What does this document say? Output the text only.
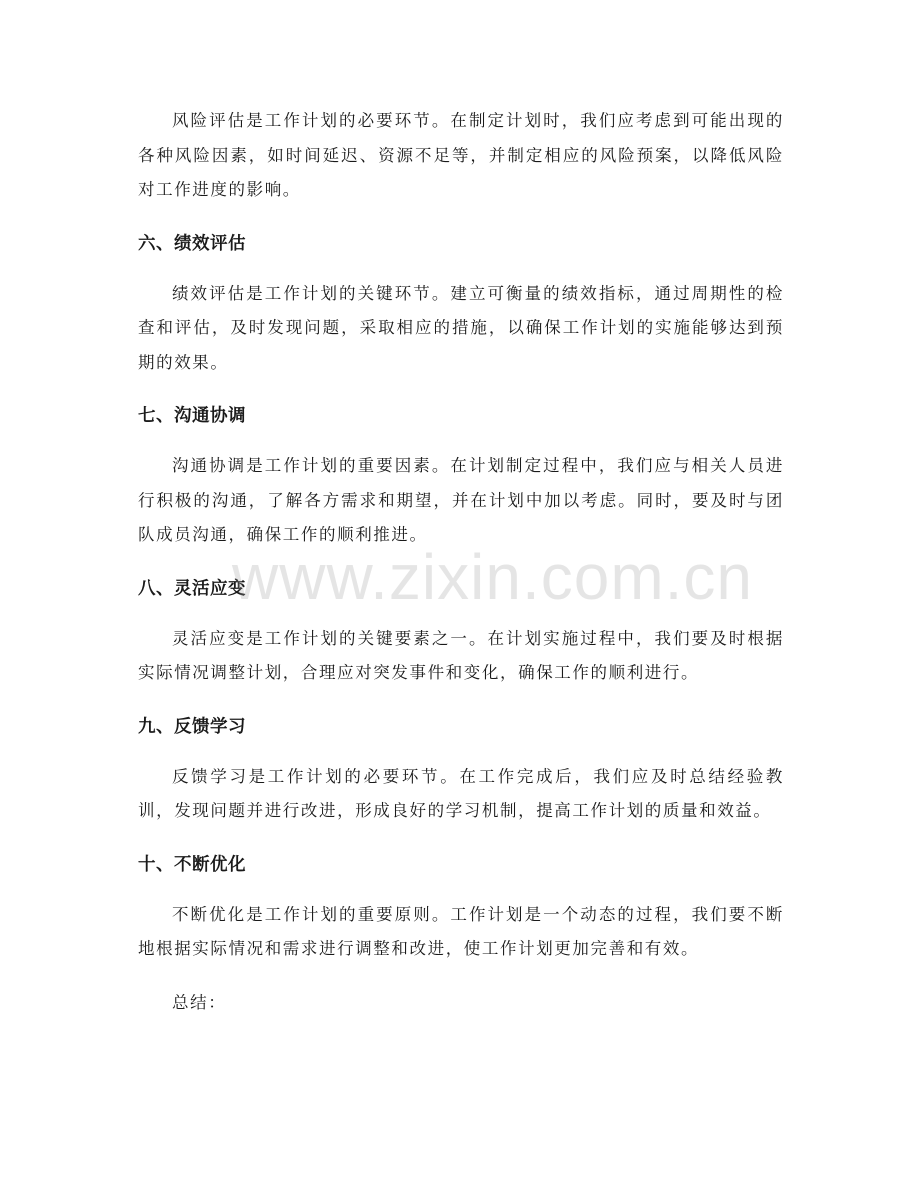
风险评估是工作计划的必要环节。在制定计划时，我们应考虑到可能出现的各种风险因素，如时间延迟、资源不足等，并制定相应的风险预案，以降低风险对工作进度的影响。

六、绩效评估

绩效评估是工作计划的关键环节。建立可衡量的绩效指标，通过周期性的检查和评估，及时发现问题，采取相应的措施，以确保工作计划的实施能够达到预期的效果。

七、沟通协调

沟通协调是工作计划的重要因素。在计划制定过程中，我们应与相关人员进行积极的沟通，了解各方需求和期望，并在计划中加以考虑。同时，要及时与团队成员沟通，确保工作的顺利推进。

八、灵活应变

灵活应变是工作计划的关键要素之一。在计划实施过程中，我们要及时根据实际情况调整计划，合理应对突发事件和变化，确保工作的顺利进行。

九、反馈学习

反馈学习是工作计划的必要环节。在工作完成后，我们应及时总结经验教训，发现问题并进行改进，形成良好的学习机制，提高工作计划的质量和效益。

十、不断优化

不断优化是工作计划的重要原则。工作计划是一个动态的过程，我们要不断地根据实际情况和需求进行调整和改进，使工作计划更加完善和有效。

总结：

www.zixin.com.cn
